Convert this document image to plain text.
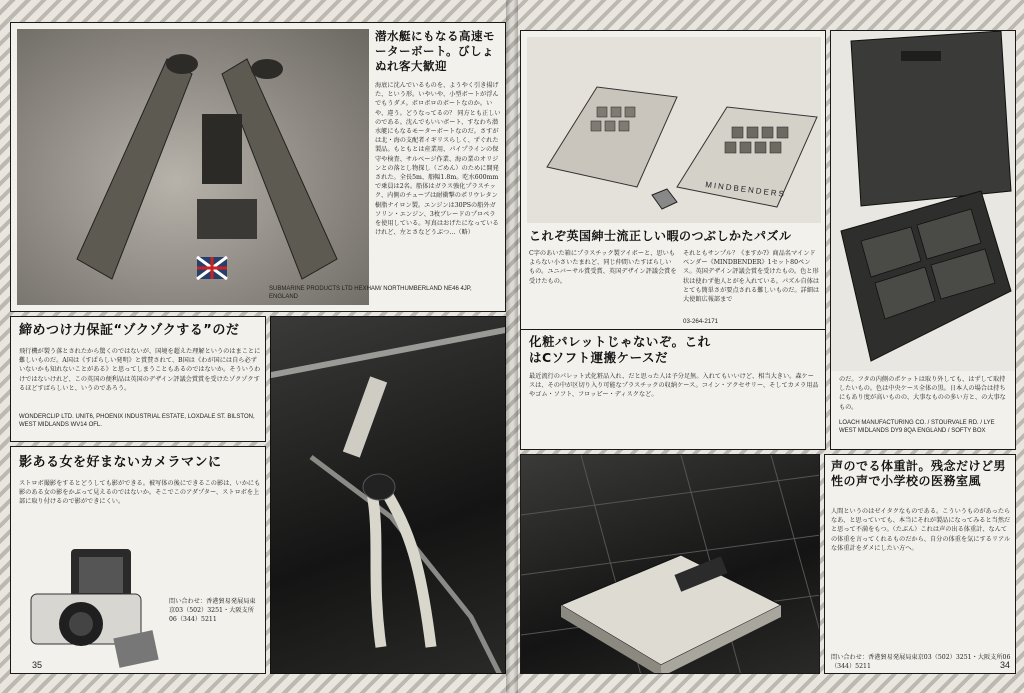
潜水艇にもなる高速モーターボート。びしょぬれ客大歓迎
海底に沈んでいるものを、ようやく引き揚げた、という形。いやいや、小型ボートが浮んでもうダメ。ボロボロのボートなのか。いや、違う。どうなってるの？ 同方とも正しいのである。沈んでもいいボート、すなわち潜水艇にもなるモーターボートなのだ。さすがは北・海の支配者イギリスらしく、ずぐれた製品。もともとは産業用、パイプラインの保守や検査、サルベージ作業、海の業のオリジンとの落とし物探し（ごめん）のために開発された。全長5m、船幅1.8m。吃水600mmで乗員は2名。船体はガラス強化プラスチック、内側のチューブは耐衝撃のポリウレタン樹脂ナイロン製。エンジンは30PSの船外ガソリン・エンジン、3枚ブレードのプロペラを使用している。写真はおげたになっているけれど、左とさなどうぶつ…（略）
SUBMARINE PRODUCTS LTD HEXHAM/ NORTHUMBERLAND NE46 4JP, ENGLAND
締めつけ力保証“ゾクゾクする”のだ
飛行機が製う落とされたから驚くのではないが、国境を超えた理解というのはまことに難しいものだ。A国は《すぱらしい発明》と賞賛されて、B国は《わが国には自ら必ずいないかも知れないことがある》と思ってしまうこともあるのではないか。そういうわけではないけれど、この英国の便利品は英国のデザイン評議会賞賞を受けたゾクゾクするほどすばらしいと、いうのであろう。
WONDERCLIP LTD. UNIT6, PHOENIX INDUSTRIAL ESTATE, LOXDALE ST. BILSTON, WEST MIDLANDS WV14 OFL.
影ある女を好まないカメラマンに
ストロボ撮影をするとどうしても影ができる。被写体の後にできるこの影は、いかにも影のある女の影をかぶって見えるのではないか。そこでこのアダプター、ストロボを上部に取り付けるので影ができにくい。
問い合わせ：香港貿易発展局東京03（502）3251・大阪支所06（344）5211
35
MINDBENDERS
これぞ英国紳士流正しい暇のつぶしかたパズル
C字のあいた箱にプラスチック製アイボーと、思いもよらない小さいたまれど、同じ仲間いたすばらしいもの。ユニバーサル賞受賞、英国デザイン評議会賞を受けたもの。
それともサンプル？《ますか?》商品名マインドベンダー《MINDBENDER》1セット80ペンス。英国デザイン評議会賞を受けたもの。色と形状は使わず他人とがを入れている。パズル自体はとても簡単さが要点される難しいものだ。詳細は大使館広報部まで
03-264-2171
化粧パレットじゃないぞ。これはCソフト運搬ケースだ
最近流行のパレット式化粧品入れ、だと思った人は予分足無。入れてもいいけど、相当大きい。森ケースは、その中が区切り入り可能なプラスチックの収納ケース。コイン・アクセサリー、そしてカメラ用品やゴム・ソフト、フロッピー・ディスクなど。
のだ。フタの内側のポケットは取り外しても、はずして取持したいもの。色は中央ケース全体の黒。日本人の場合は持ちにもあり度が高いものの、大事なものの多い方と、の大事なもの。
LOACH MANUFACTURING CO. / STOURVALE RD. / LYE WEST MIDLANDS DY9 8QA ENGLAND / SOFTY BOX
声のでる体重計。残念だけど男性の声で小学校の医務室風
人間というのはゼイタクなものである。こういうものがあったらなあ、と思っていても、本当にそれが製品になってみると当然だと思って不満をもつ。（たぶん）これは声の出る体重計、なんての体重を言ってくれるものだから、自分の体重を気にするリアルな体重計をダメにしたい方へ。
問い合わせ：香港貿易発展局東京03（502）3251・大阪支所06（344）5211	34
